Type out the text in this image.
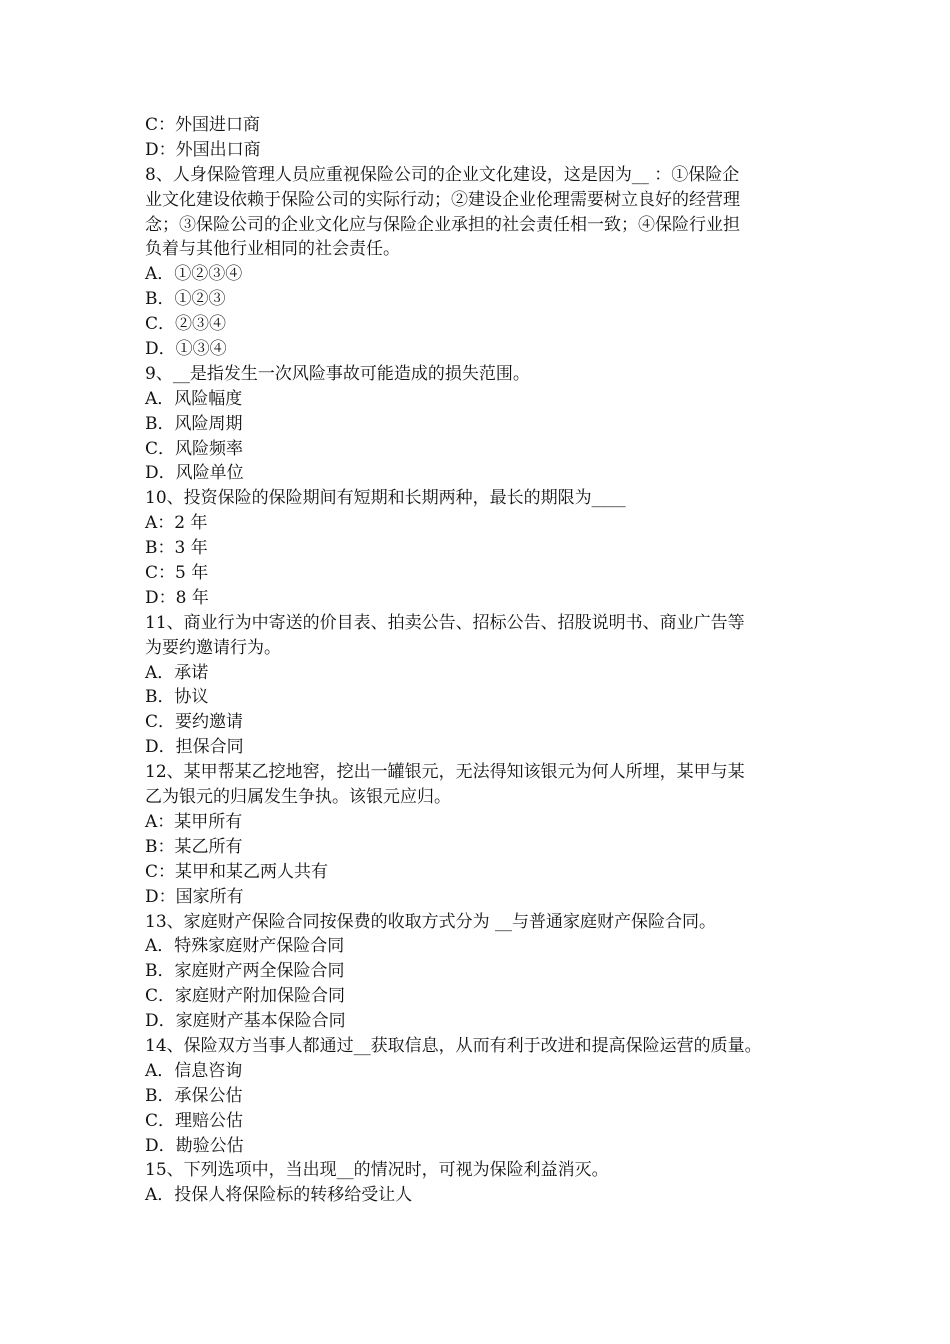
C：外国进口商
D：外国出口商
8、人身保险管理人员应重视保险公司的企业文化建设，这是因为__ ：①保险企
业文化建设依赖于保险公司的实际行动；②建设企业伦理需要树立良好的经营理
念；③保险公司的企业文化应与保险企业承担的社会责任相一致；④保险行业担
负着与其他行业相同的社会责任。
A．①②③④
B．①②③
C．②③④
D．①③④
9、__是指发生一次风险事故可能造成的损失范围。
A．风险幅度
B．风险周期
C．风险频率
D．风险单位
10、投资保险的保险期间有短期和长期两种，最长的期限为____
A：2 年
B：3 年
C：5 年
D：8 年
11、商业行为中寄送的价目表、拍卖公告、招标公告、招股说明书、商业广告等
为要约邀请行为。
A．承诺
B．协议
C．要约邀请
D．担保合同
12、某甲帮某乙挖地窖，挖出一罐银元，无法得知该银元为何人所埋，某甲与某
乙为银元的归属发生争执。该银元应归。
A：某甲所有
B：某乙所有
C：某甲和某乙两人共有
D：国家所有
13、家庭财产保险合同按保费的收取方式分为 __与普通家庭财产保险合同。
A．特殊家庭财产保险合同
B．家庭财产两全保险合同
C．家庭财产附加保险合同
D．家庭财产基本保险合同
14、保险双方当事人都通过__获取信息，从而有利于改进和提高保险运营的质量。
A．信息咨询
B．承保公估
C．理赔公估
D．勘验公估
15、下列选项中，当出现__的情况时，可视为保险利益消灭。
A．投保人将保险标的转移给受让人
